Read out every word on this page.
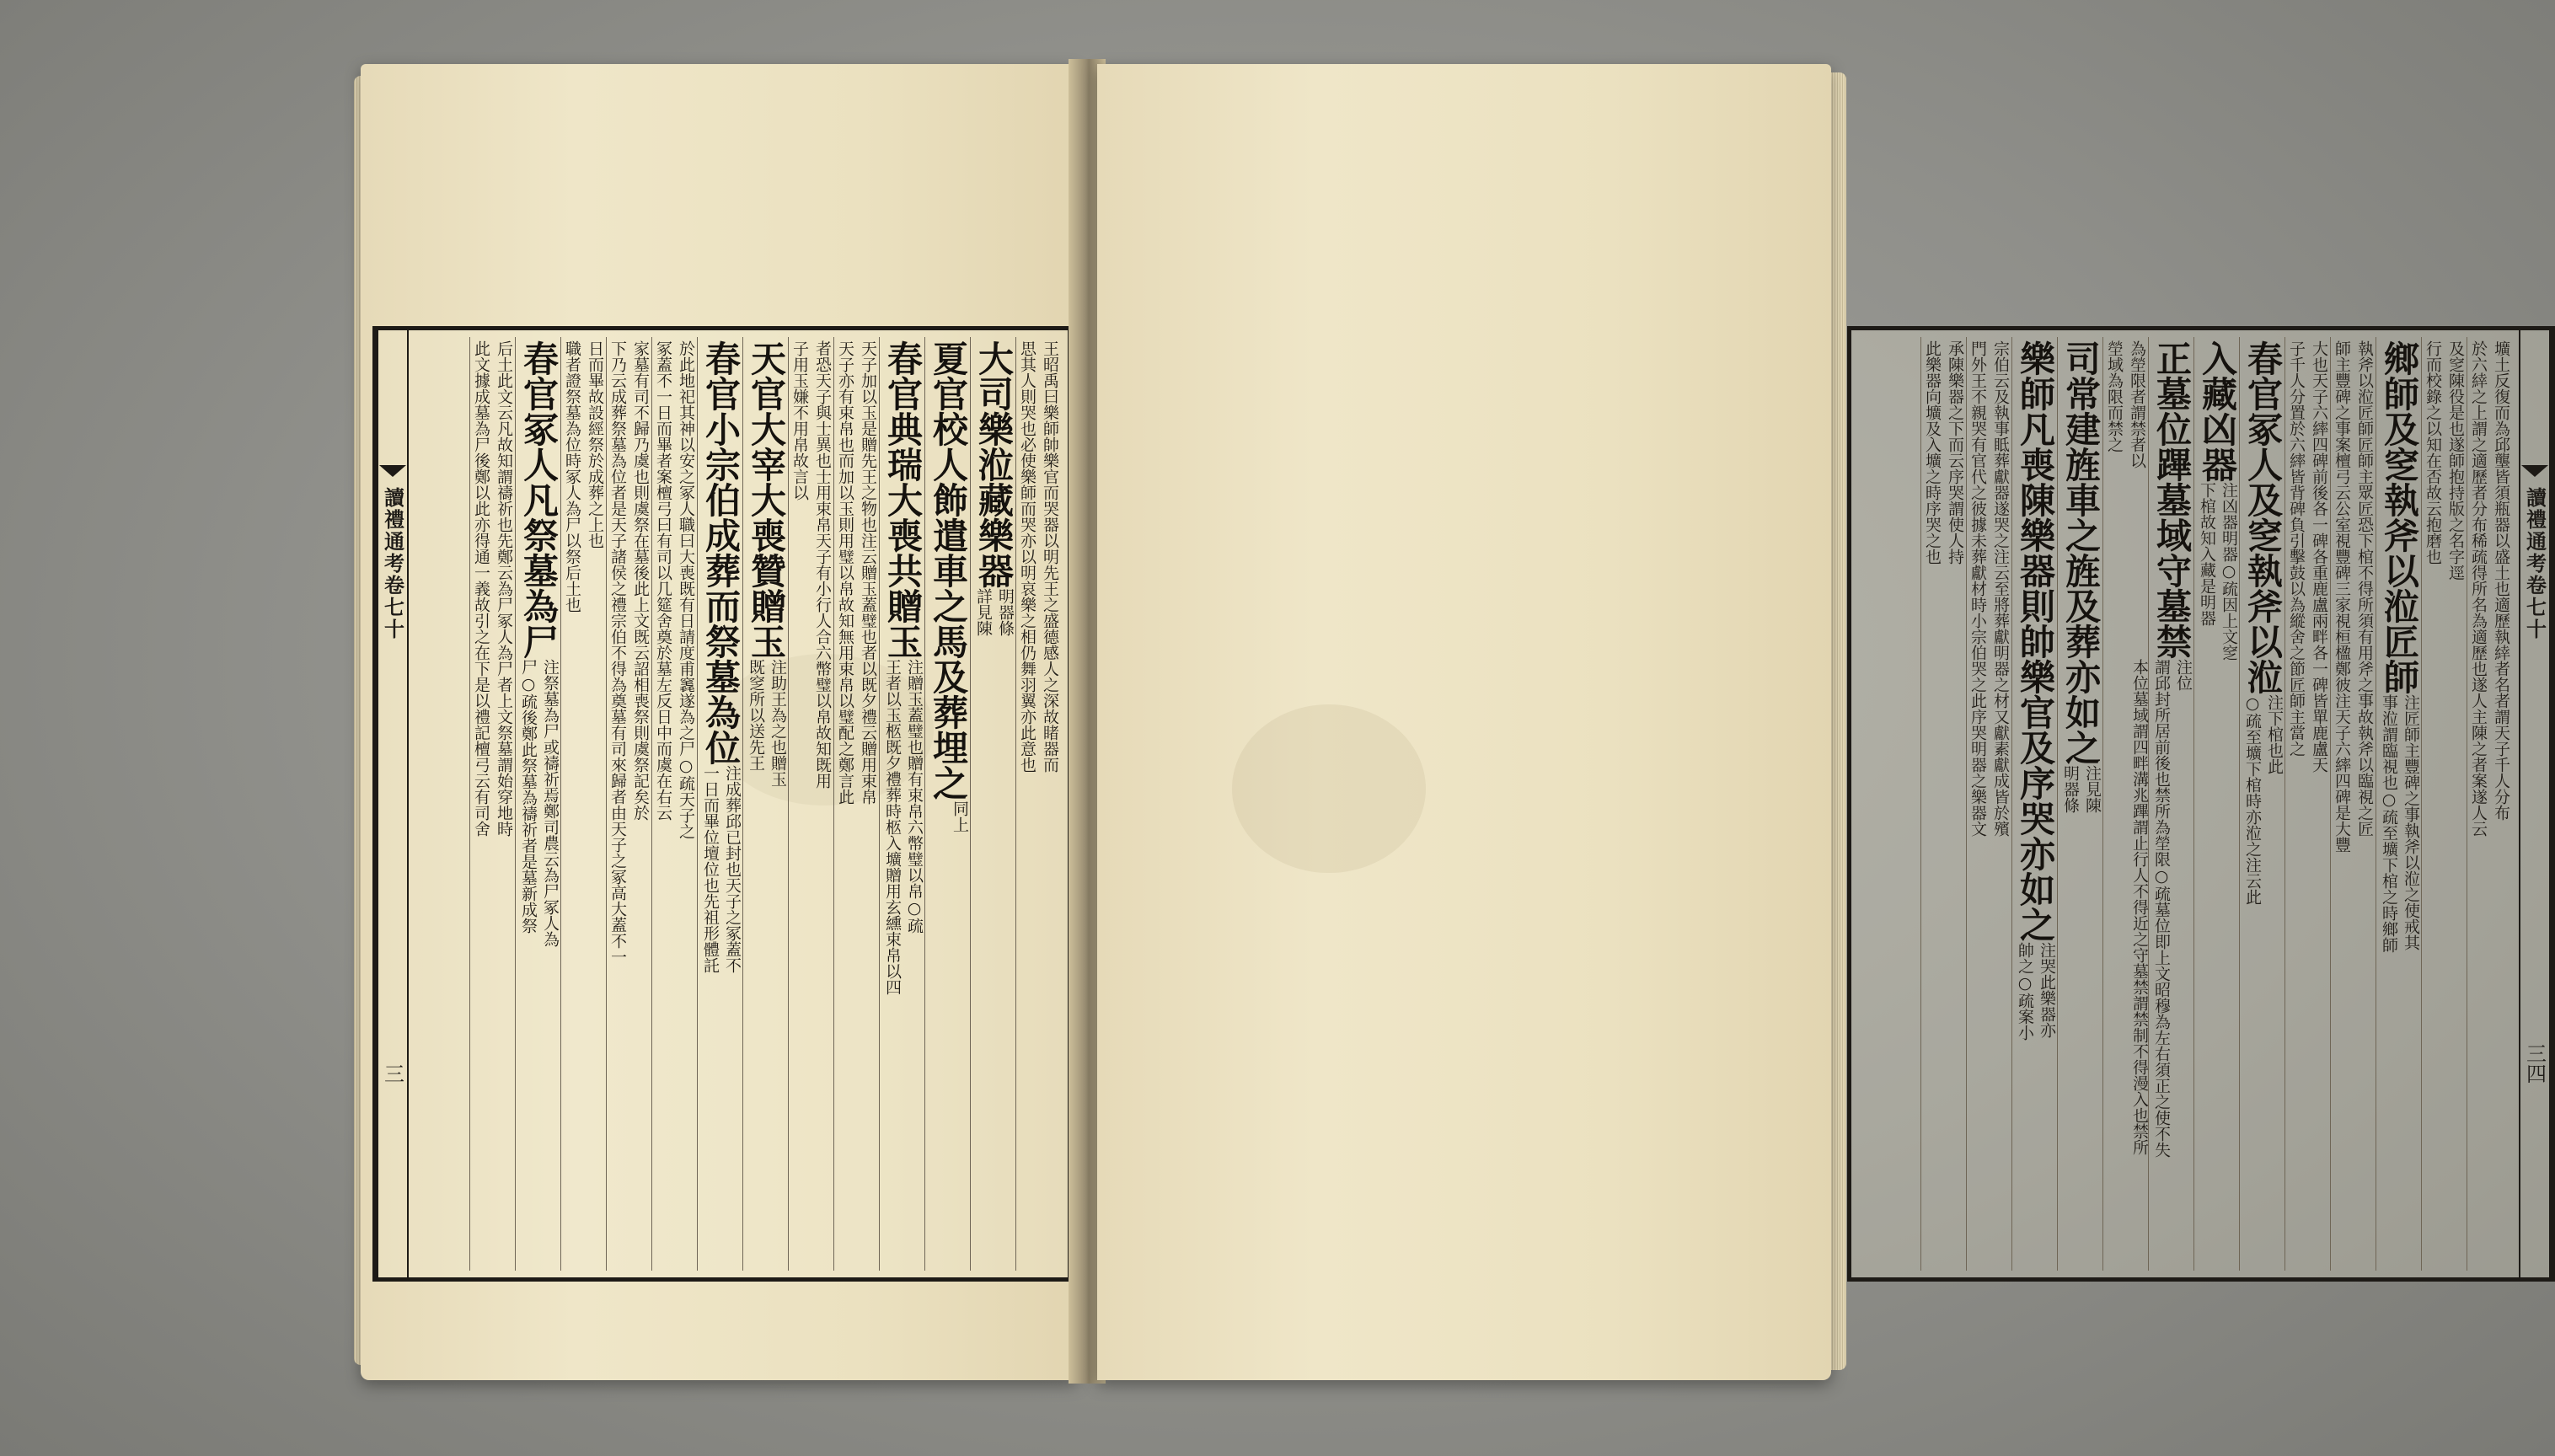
讀禮通考卷七十
三
王昭禹曰樂師帥樂官而哭器以明先王之盛德感人之深故睹器而
思其人則哭也必使樂師而哭亦以明哀樂之相仍舞羽翼亦此意也
大司樂涖藏樂器
明器條
詳見陳
夏官校人飾遣車之馬及葬埋之
同上
春官典瑞大喪共贈玉
注贈玉蓋璧也贈有束帛六幣璧以帛○疏
王者以玉柩既夕禮葬時柩入壙贈用玄纁束帛以四
天子加以玉是贈先王之物也注云贈玉蓋璧也者以既夕禮云贈用束帛
天子亦有束帛也而加以玉則用璧以帛故知無用束帛以璧配之鄭言此
者恐天子與士異也士用束帛天子有小行人合六幣璧以帛故知既用
子用玉嫌不用帛故言以
天官大宰大喪贊贈玉
注助王為之也贈玉
既窆所以送先王
春官小宗伯成葬而祭墓為位
注成葬邱已封也天子之冢蓋不
一日而畢位壇位也先祖形體託
於此地祀其神以安之冢人職曰大喪既有日請度甫竁遂為之尸○疏天子之
冢蓋不一日而畢者案檀弓曰有司以几筵舍奠於墓左反日中而虞在右云
家墓有司不歸乃虞也則虞祭在墓後此上文既云詔相喪祭則虞祭記矣於
下乃云成葬祭墓為位者是天子諸侯之禮宗伯不得為奠墓有司來歸者由天子之冢高大蓋不一
日而畢故設經祭於成葬之上也
職者證祭墓為位時冢人為尸以祭后土也
春官冢人凡祭墓為尸
注祭墓為尸或禱祈焉鄭司農云為尸冢人為
尸○疏後鄭此祭墓為禱祈者是墓新成祭
后土此文云凡故知謂禱祈也先鄭云為尸冢人為尸者上文祭墓謂始穿地時
此文據成墓為尸後鄭以此亦得通一義故引之在下是以禮記檀弓云有司舍	讀禮通考卷七十
三四
壙土反復而為邱壟皆須瓶器以盛土也適歷執緈者名者謂天子千人分布
於六緈之上謂之適歷者分布稀疏得所名為適歷也遂人主陳之者案遂人云
及窆陳役是也遂師抱持版之名字逕
行而校錄之以知在否故云抱磨也
鄉師及窆執斧以涖匠師
注匠師主豐碑之事執斧以涖之使戒其
事涖謂臨視也○疏至壙下棺之時鄉師
執斧以涖匠師匠師主眾匠恐下棺不得所須有用斧之事故執斧以臨視之匠
師主豐碑之事案檀弓云公室視豐碑三家視桓楹鄭彼注天子六繂四碑是大豐
大也天子六繂四碑前後各一碑各重鹿盧兩畔各一碑皆單鹿盧天
子千人分置於六繂皆背碑負引擊鼓以為縱舍之節匠師主當之
春官冢人及窆執斧以涖
注下棺也此
○疏至壙下棺時亦涖之注云此
入藏凶器
注凶器明器○疏因上文窆
下棺故知入藏是明器
正墓位蹕墓域守墓禁
注位
謂邱封所居前後也禁所為塋限○疏墓位即上文昭穆為左右須正之使不失
本位墓域謂四畔溝兆蹕謂止行人不得近之守墓禁謂禁制不得漫入也禁所
為塋限者謂禁者以
塋域為限而禁之
司常建旌車之旌及葬亦如之
注見陳
明器條
樂師凡喪陳樂器則帥樂官及序哭亦如之
注哭此樂器亦
帥之○疏案小
宗伯云及執事眡葬獻器遂哭之注云至將葬獻明器之材又獻素獻成皆於殯
門外王不親哭有官代之彼據未葬獻材時小宗伯哭之此序哭明器之樂器文
承陳樂器之下而云序哭謂使人持
此樂器向壙及入壙之時序哭之也
